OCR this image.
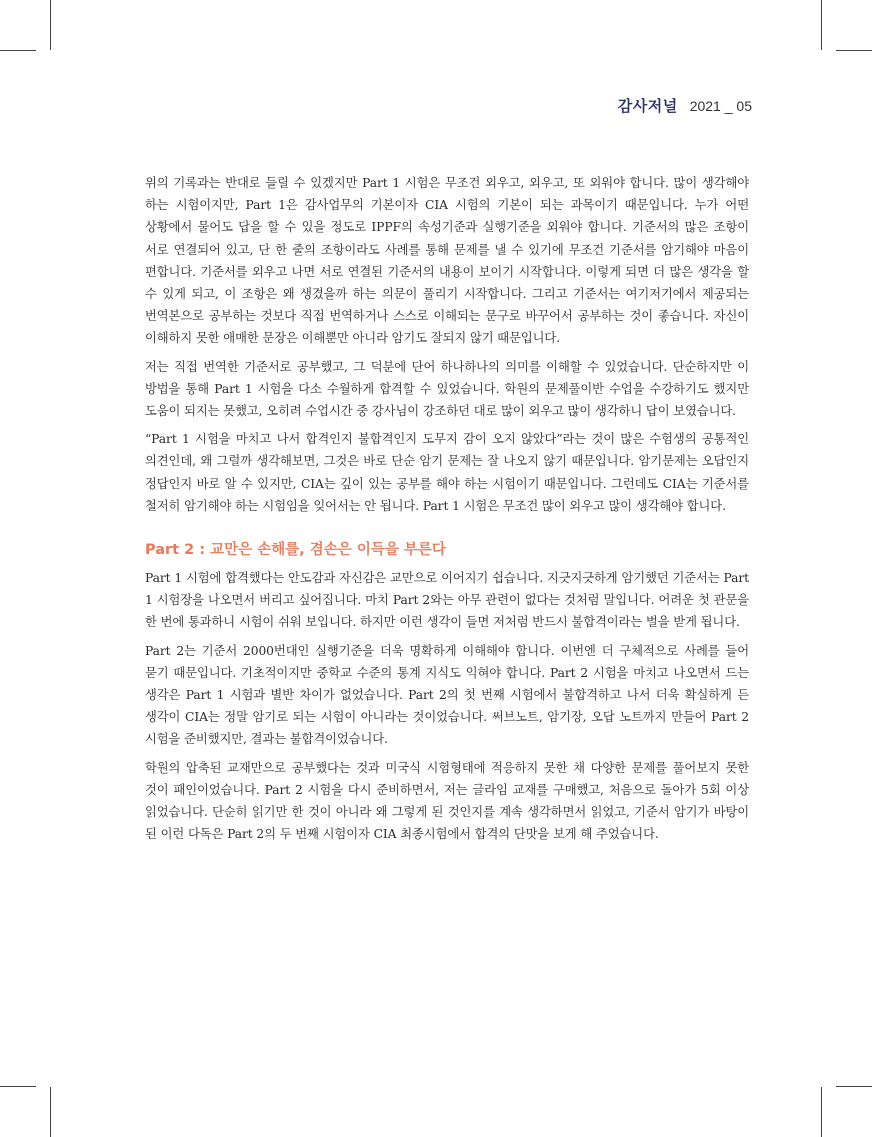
감사저널 2021 _ 05

위의 기록과는 반대로 들릴 수 있겠지만 Part 1 시험은 무조건 외우고, 외우고, 또 외워야 합니다. 많이 생각해야 하는 시험이지만, Part 1은 감사업무의 기본이자 CIA 시험의 기본이 되는 과목이기 때문입니다. 누가 어떤 상황에서 물어도 답을 할 수 있을 정도로 IPPF의 속성기준과 실행기준을 외워야 합니다. 기준서의 많은 조항이 서로 연결되어 있고, 단 한 줄의 조항이라도 사례를 통해 문제를 낼 수 있기에 무조건 기준서를 암기해야 마음이 편합니다. 기준서를 외우고 나면 서로 연결된 기준서의 내용이 보이기 시작합니다. 이렇게 되면 더 많은 생각을 할 수 있게 되고, 이 조항은 왜 생겼을까 하는 의문이 풀리기 시작합니다. 그리고 기준서는 여기저기에서 제공되는 번역본으로 공부하는 것보다 직접 번역하거나 스스로 이해되는 문구로 바꾸어서 공부하는 것이 좋습니다. 자신이 이해하지 못한 애매한 문장은 이해뿐만 아니라 암기도 잘되지 않기 때문입니다.

저는 직접 번역한 기준서로 공부했고, 그 덕분에 단어 하나하나의 의미를 이해할 수 있었습니다. 단순하지만 이 방법을 통해 Part 1 시험을 다소 수월하게 합격할 수 있었습니다. 학원의 문제풀이반 수업을 수강하기도 했지만 도움이 되지는 못했고, 오히려 수업시간 중 강사님이 강조하던 대로 많이 외우고 많이 생각하니 답이 보였습니다.

“Part 1 시험을 마치고 나서 합격인지 불합격인지 도무지 감이 오지 않았다”라는 것이 많은 수험생의 공통적인 의견인데, 왜 그럴까 생각해보면, 그것은 바로 단순 암기 문제는 잘 나오지 않기 때문입니다. 암기문제는 오답인지 정답인지 바로 알 수 있지만, CIA는 깊이 있는 공부를 해야 하는 시험이기 때문입니다. 그런데도 CIA는 기준서를 철저히 암기해야 하는 시험임을 잊어서는 안 됩니다. Part 1 시험은 무조건 많이 외우고 많이 생각해야 합니다.

Part 2 : 교만은 손해를, 겸손은 이득을 부른다

Part 1 시험에 합격했다는 안도감과 자신감은 교만으로 이어지기 쉽습니다. 지긋지긋하게 암기했던 기준서는 Part 1 시험장을 나오면서 버리고 싶어집니다. 마치 Part 2와는 아무 관련이 없다는 것처럼 말입니다. 어려운 첫 관문을 한 번에 통과하니 시험이 쉬워 보입니다. 하지만 이런 생각이 들면 저처럼 반드시 불합격이라는 벌을 받게 됩니다.

Part 2는 기준서 2000번대인 실행기준을 더욱 명확하게 이해해야 합니다. 이번엔 더 구체적으로 사례를 들어 묻기 때문입니다. 기초적이지만 중학교 수준의 통계 지식도 익혀야 합니다. Part 2 시험을 마치고 나오면서 드는 생각은 Part 1 시험과 별반 차이가 없었습니다. Part 2의 첫 번째 시험에서 불합격하고 나서 더욱 확실하게 든 생각이 CIA는 정말 암기로 되는 시험이 아니라는 것이었습니다. 써브노트, 암기장, 오답 노트까지 만들어 Part 2 시험을 준비했지만, 결과는 불합격이었습니다.

학원의 압축된 교재만으로 공부했다는 것과 미국식 시험형태에 적응하지 못한 채 다양한 문제를 풀어보지 못한 것이 패인이었습니다. Part 2 시험을 다시 준비하면서, 저는 글라임 교재를 구매했고, 처음으로 돌아가 5회 이상 읽었습니다. 단순히 읽기만 한 것이 아니라 왜 그렇게 된 것인지를 계속 생각하면서 읽었고, 기준서 암기가 바탕이 된 이런 다독은 Part 2의 두 번째 시험이자 CIA 최종시험에서 합격의 단맛을 보게 해 주었습니다.
